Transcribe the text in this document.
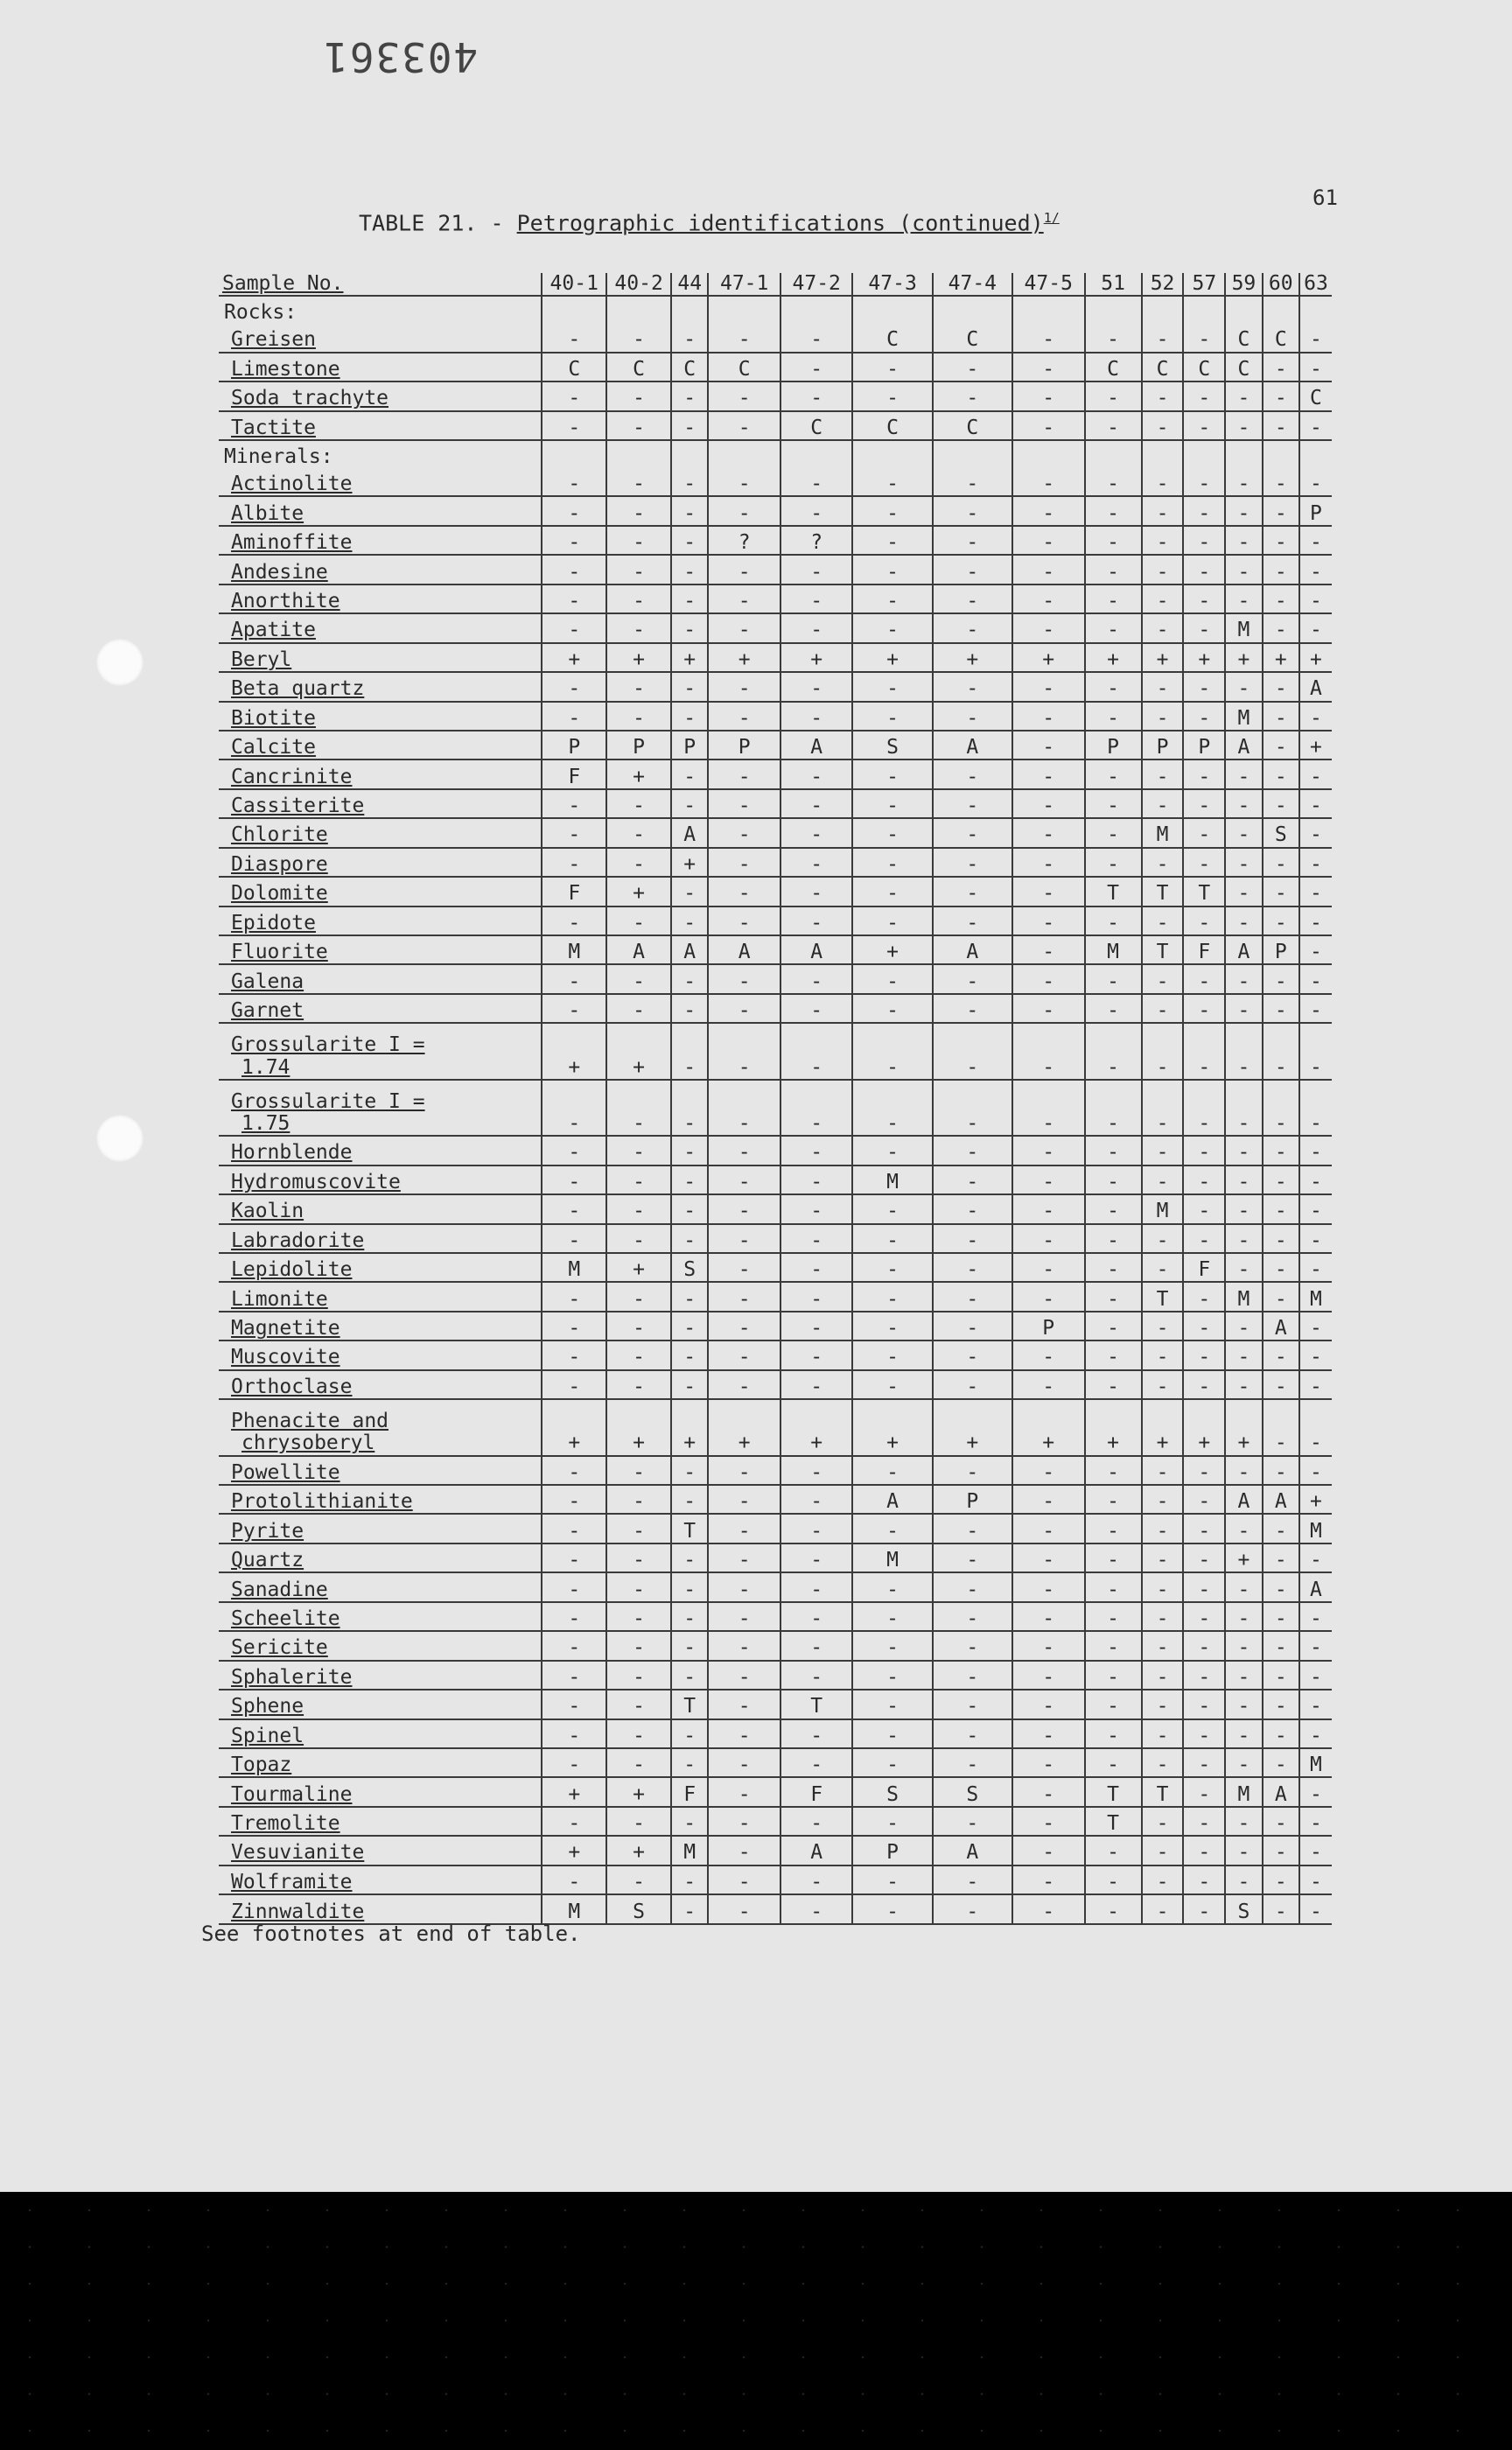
403361
61
TABLE 21. - Petrographic identifications (continued)$^{1/}$
Sample No.	40-1	40-2	44	47-1	47-2	47-3	47-4	47-5	51	52	57	59	60	63

Rocks:														

Greisen	-	-	-	-	-	C	C	-	-	-	-	C	C	-

Limestone	C	C	C	C	-	-	-	-	C	C	C	C	-	-

Soda trachyte	-	-	-	-	-	-	-	-	-	-	-	-	-	C

Tactite	-	-	-	-	C	C	C	-	-	-	-	-	-	-

Minerals:														

Actinolite	-	-	-	-	-	-	-	-	-	-	-	-	-	-

Albite	-	-	-	-	-	-	-	-	-	-	-	-	-	P

Aminoffite	-	-	-	?	?	-	-	-	-	-	-	-	-	-

Andesine	-	-	-	-	-	-	-	-	-	-	-	-	-	-

Anorthite	-	-	-	-	-	-	-	-	-	-	-	-	-	-

Apatite	-	-	-	-	-	-	-	-	-	-	-	M	-	-

Beryl	+	+	+	+	+	+	+	+	+	+	+	+	+	+

Beta quartz	-	-	-	-	-	-	-	-	-	-	-	-	-	A

Biotite	-	-	-	-	-	-	-	-	-	-	-	M	-	-

Calcite	P	P	P	P	A	S	A	-	P	P	P	A	-	+

Cancrinite	F	+	-	-	-	-	-	-	-	-	-	-	-	-

Cassiterite	-	-	-	-	-	-	-	-	-	-	-	-	-	-

Chlorite	-	-	A	-	-	-	-	-	-	M	-	-	S	-

Diaspore	-	-	+	-	-	-	-	-	-	-	-	-	-	-

Dolomite	F	+	-	-	-	-	-	-	T	T	T	-	-	-

Epidote	-	-	-	-	-	-	-	-	-	-	-	-	-	-

Fluorite	M	A	A	A	A	+	A	-	M	T	F	A	P	-

Galena	-	-	-	-	-	-	-	-	-	-	-	-	-	-

Garnet	-	-	-	-	-	-	-	-	-	-	-	-	-	-

Grossularite I =
1.74	+	+	-	-	-	-	-	-	-	-	-	-	-	-

Grossularite I =
1.75	-	-	-	-	-	-	-	-	-	-	-	-	-	-

Hornblende	-	-	-	-	-	-	-	-	-	-	-	-	-	-

Hydromuscovite	-	-	-	-	-	M	-	-	-	-	-	-	-	-

Kaolin	-	-	-	-	-	-	-	-	-	M	-	-	-	-

Labradorite	-	-	-	-	-	-	-	-	-	-	-	-	-	-

Lepidolite	M	+	S	-	-	-	-	-	-	-	F	-	-	-

Limonite	-	-	-	-	-	-	-	-	-	T	-	M	-	M

Magnetite	-	-	-	-	-	-	-	P	-	-	-	-	A	-

Muscovite	-	-	-	-	-	-	-	-	-	-	-	-	-	-

Orthoclase	-	-	-	-	-	-	-	-	-	-	-	-	-	-

Phenacite and
chrysoberyl	+	+	+	+	+	+	+	+	+	+	+	+	-	-

Powellite	-	-	-	-	-	-	-	-	-	-	-	-	-	-

Protolithianite	-	-	-	-	-	A	P	-	-	-	-	A	A	+

Pyrite	-	-	T	-	-	-	-	-	-	-	-	-	-	M

Quartz	-	-	-	-	-	M	-	-	-	-	-	+	-	-

Sanadine	-	-	-	-	-	-	-	-	-	-	-	-	-	A

Scheelite	-	-	-	-	-	-	-	-	-	-	-	-	-	-

Sericite	-	-	-	-	-	-	-	-	-	-	-	-	-	-

Sphalerite	-	-	-	-	-	-	-	-	-	-	-	-	-	-

Sphene	-	-	T	-	T	-	-	-	-	-	-	-	-	-

Spinel	-	-	-	-	-	-	-	-	-	-	-	-	-	-

Topaz	-	-	-	-	-	-	-	-	-	-	-	-	-	M

Tourmaline	+	+	F	-	F	S	S	-	T	T	-	M	A	-

Tremolite	-	-	-	-	-	-	-	-	T	-	-	-	-	-

Vesuvianite	+	+	M	-	A	P	A	-	-	-	-	-	-	-

Wolframite	-	-	-	-	-	-	-	-	-	-	-	-	-	-

Zinnwaldite	M	S	-	-	-	-	-	-	-	-	-	S	-	-
See footnotes at end of table.
